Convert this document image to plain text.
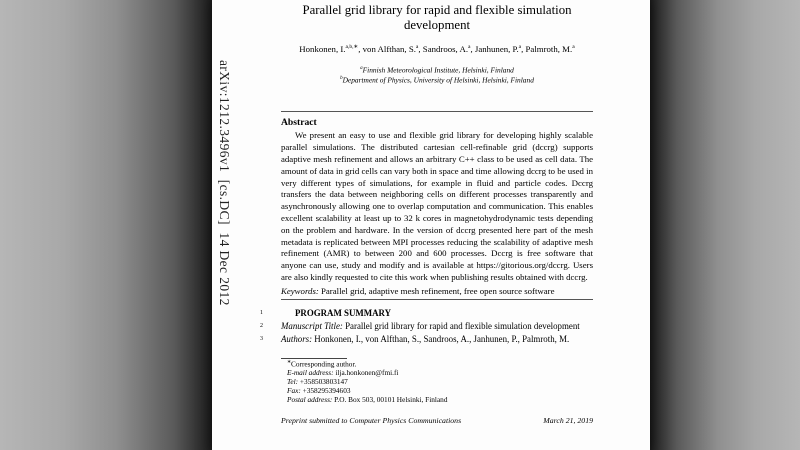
arXiv:1212.3496v1  [cs.DC]  14 Dec 2012
Parallel grid library for rapid and flexible simulation development
Honkonen, I.$^{a,b,∗}$, von Alfthan, S.$^a$, Sandroos, A.$^a$, Janhunen, P.$^a$, Palmroth, M.$^a$
$^a$Finnish Meteorological Institute, Helsinki, Finland
$^b$Department of Physics, University of Helsinki, Helsinki, Finland
Abstract

We present an easy to use and flexible grid library for developing highly scalable parallel simulations. The distributed cartesian cell-refinable grid (dccrg) supports adaptive mesh refinement and allows an arbitrary C++ class to be used as cell data. The amount of data in grid cells can vary both in space and time allowing dccrg to be used in very different types of simulations, for example in fluid and particle codes. Dccrg transfers the data between neighboring cells on different processes transparently and asynchronously allowing one to overlap computation and communication. This enables excellent scalability at least up to 32 k cores in magnetohydrodynamic tests depending on the problem and hardware. In the version of dccrg presented here part of the mesh metadata is replicated between MPI processes reducing the scalability of adaptive mesh refinement (AMR) to between 200 and 600 processes. Dccrg is free software that anyone can use, study and modify and is available at https://gitorious.org/dccrg. Users are also kindly requested to cite this work when publishing results obtained with dccrg.

Keywords: Parallel grid, adaptive mesh refinement, free open source software
1	PROGRAM SUMMARY
2 Manuscript Title: Parallel grid library for rapid and flexible simulation development
3 Authors: Honkonen, I., von Alfthan, S., Sandroos, A., Janhunen, P., Palmroth, M.
∗Corresponding author.
E-mail address: ilja.honkonen@fmi.fi
Tel: +358503803147
Fax: +358295394603
Postal address: P.O. Box 503, 00101 Helsinki, Finland
Preprint submitted to Computer Physics Communications	March 21, 2019
